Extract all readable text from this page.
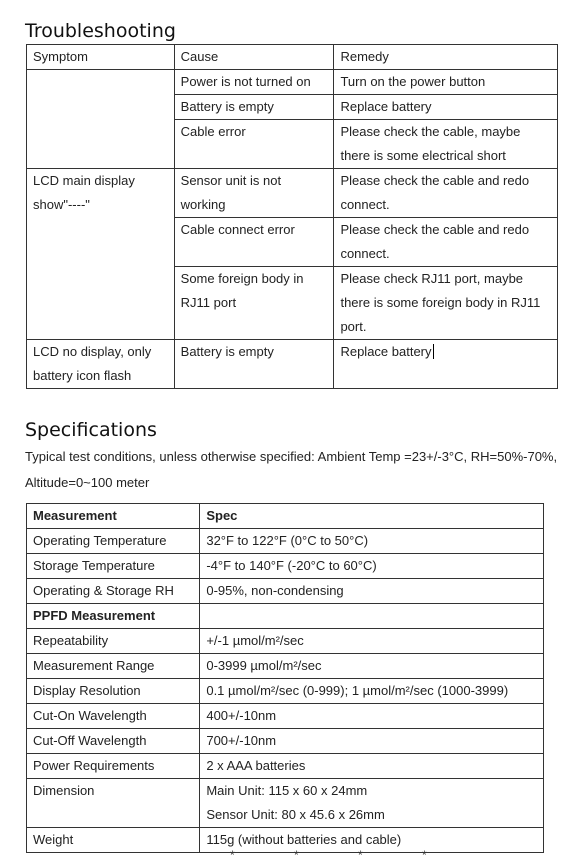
Troubleshooting
Symptom	Cause	Remedy
	Power is not turned on	Turn on the power button
	Battery is empty	Replace battery
	Cable error	Please check the cable, maybe there is some electrical short
LCD main display show"----"	Sensor unit is not working	Please check the cable and redo connect.
	Cable connect error	Please check the cable and redo connect.
	Some foreign body in RJ11 port	Please check RJ11 port, maybe there is some foreign body in RJ11 port.
LCD no display, only battery icon flash	Battery is empty	Replace battery
Specifications
Typical test conditions, unless otherwise specified: Ambient Temp =23+/-3°C, RH=50%-70%, Altitude=0~100 meter
Measurement	Spec
Operating Temperature	32°F to 122°F (0°C to 50°C)
Storage Temperature	-4°F to 140°F (-20°C to 60°C)
Operating & Storage RH	0-95%, non-condensing
PPFD Measurement	
Repeatability	+/-1 µmol/m²/sec
Measurement Range	0-3999 µmol/m²/sec
Display Resolution	0.1 µmol/m²/sec (0-999); 1 µmol/m²/sec (1000-3999)
Cut-On Wavelength	400+/-10nm
Cut-Off Wavelength	700+/-10nm
Power Requirements	2 x AAA batteries
Dimension	Main Unit: 115 x 60 x 24mm
Sensor Unit: 80 x 45.6 x 26mm

Weight	115g (without batteries and cable)
* * * *
